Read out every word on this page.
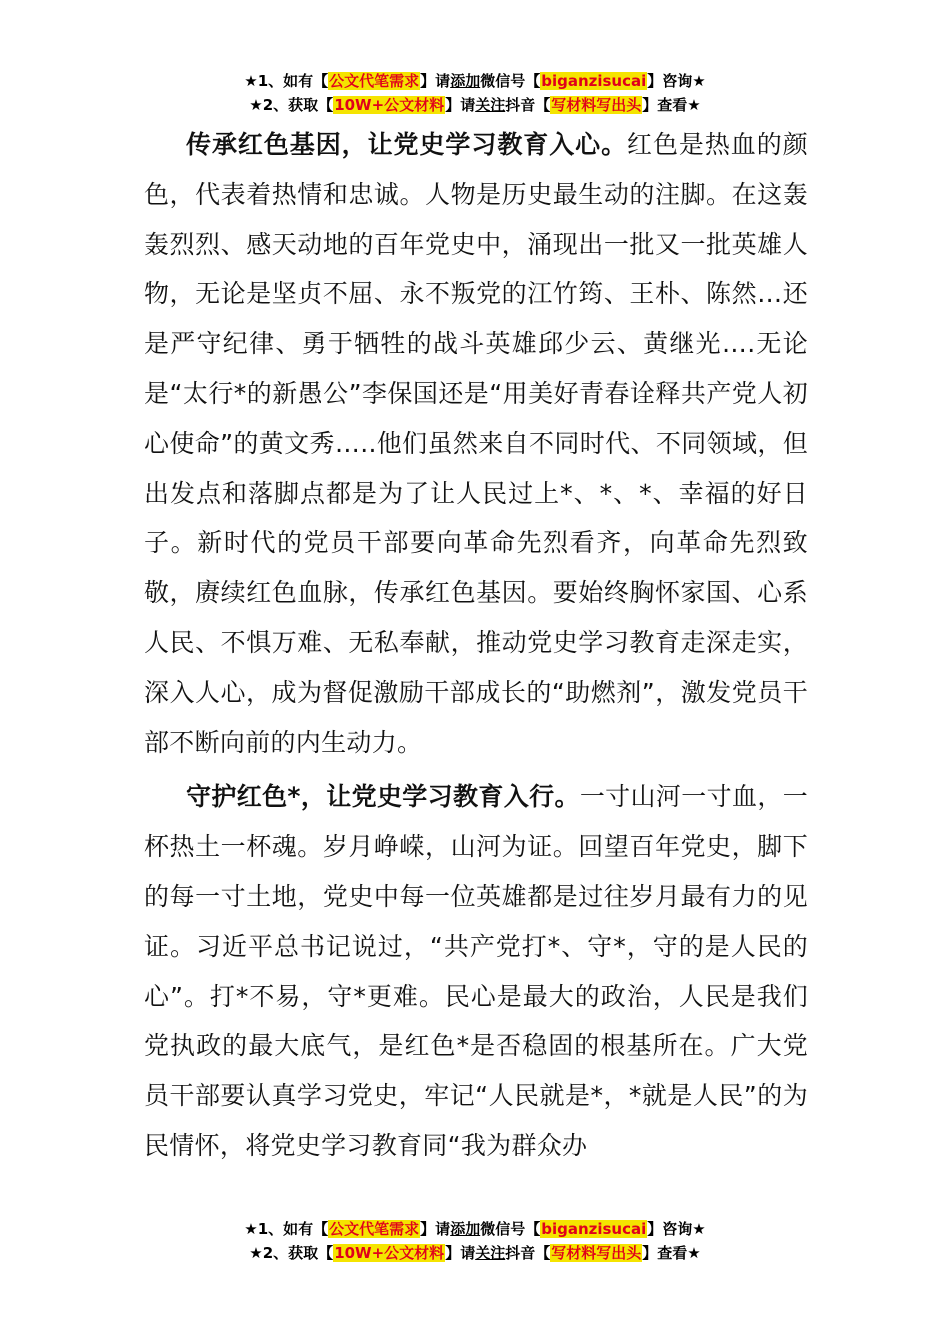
★1、如有【公文代笔需求】请添加微信号【biganzisucai】咨询★
★2、获取【10W+公文材料】请关注抖音【写材料写出头】查看★

传承红色基因，让党史学习教育入心。红色是热血的颜色，代表着热情和忠诚。人物是历史最生动的注脚。在这轰轰烈烈、感天动地的百年党史中，涌现出一批又一批英雄人物，无论是坚贞不屈、永不叛党的江竹筠、王朴、陈然…还是严守纪律、勇于牺牲的战斗英雄邱少云、黄继光….无论是“太行*的新愚公”李保国还是“用美好青春诠释共产党人初心使命”的黄文秀…..他们虽然来自不同时代、不同领域，但出发点和落脚点都是为了让人民过上*、*、*、幸福的好日子。新时代的党员干部要向革命先烈看齐，向革命先烈致敬，赓续红色血脉，传承红色基因。要始终胸怀家国、心系人民、不惧万难、无私奉献，推动党史学习教育走深走实，深入人心，成为督促激励干部成长的“助燃剂”，激发党员干部不断向前的内生动力。

守护红色*，让党史学习教育入行。一寸山河一寸血，一杯热土一杯魂。岁月峥嵘，山河为证。回望百年党史，脚下的每一寸土地，党史中每一位英雄都是过往岁月最有力的见证。习近平总书记说过，“共产党打*、守*，守的是人民的心”。打*不易，守*更难。民心是最大的政治，人民是我们党执政的最大底气，是红色*是否稳固的根基所在。广大党员干部要认真学习党史，牢记“人民就是*，*就是人民”的为民情怀，将党史学习教育同“我为群众办

★1、如有【公文代笔需求】请添加微信号【biganzisucai】咨询★
★2、获取【10W+公文材料】请关注抖音【写材料写出头】查看★
